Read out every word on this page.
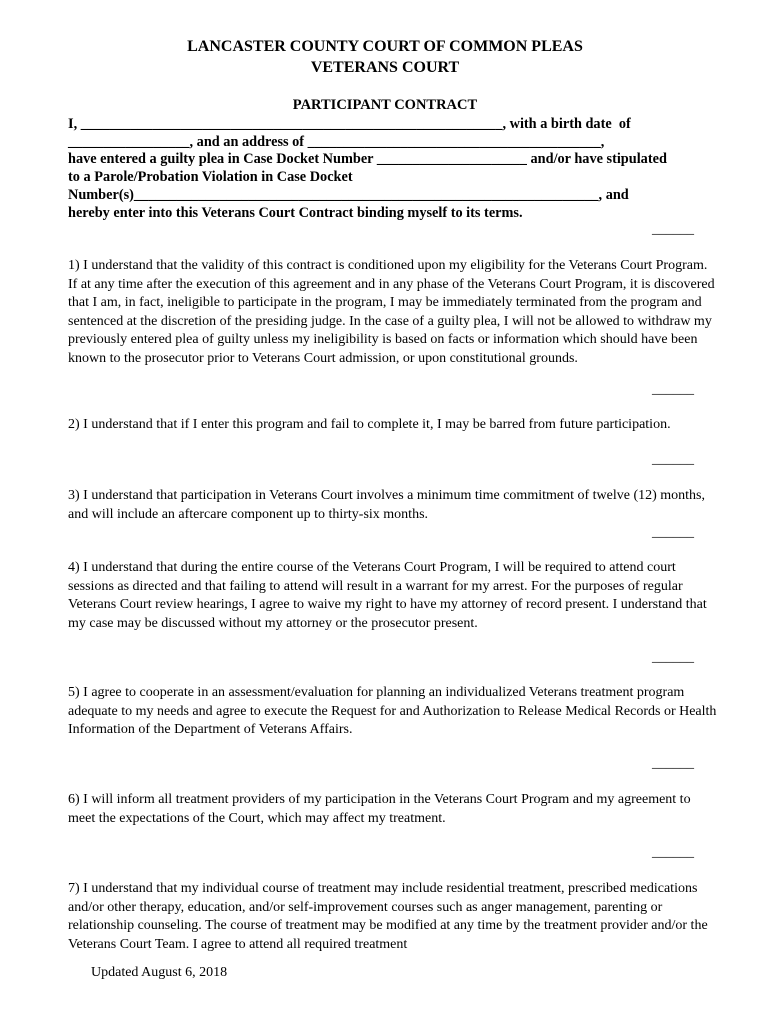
LANCASTER COUNTY COURT OF COMMON PLEAS
VETERANS COURT
PARTICIPANT CONTRACT
I, ___________________________________________________________, with a birth date  of
_________________, and an address of _________________________________________,
have entered a guilty plea in Case Docket Number _____________________ and/or have stipulated
to a Parole/Probation Violation in Case Docket
Number(s)_________________________________________________________________, and
hereby enter into this Veterans Court Contract binding myself to its terms.
______
1) I understand that the validity of this contract is conditioned upon my eligibility for the Veterans Court Program. If at any time after the execution of this agreement and in any phase of the Veterans Court Program, it is discovered that I am, in fact, ineligible to participate in the program, I may be immediately terminated from the program and sentenced at the discretion of the presiding judge. In the case of a guilty plea, I will not be allowed to withdraw my previously entered plea of guilty unless my ineligibility is based on facts or information which should have been known to the prosecutor prior to Veterans Court admission, or upon constitutional grounds.
______
2) I understand that if I enter this program and fail to complete it, I may be barred from future participation.
______
3) I understand that participation in Veterans Court involves a minimum time commitment of twelve (12) months, and will include an aftercare component up to thirty-six months.
______
4) I understand that during the entire course of the Veterans Court Program, I will be required to attend court sessions as directed and that failing to attend will result in a warrant for my arrest. For the purposes of regular Veterans Court review hearings, I agree to waive my right to have my attorney of record present. I understand that my case may be discussed without my attorney or the prosecutor present.
______
5) I agree to cooperate in an assessment/evaluation for planning an individualized Veterans treatment program adequate to my needs and agree to execute the Request for and Authorization to Release Medical Records or Health Information of the Department of Veterans Affairs.
______
6) I will inform all treatment providers of my participation in the Veterans Court Program and my agreement to meet the expectations of the Court, which may affect my treatment.
______
7) I understand that my individual course of treatment may include residential treatment, prescribed medications and/or other therapy, education, and/or self-improvement courses such as anger management, parenting or relationship counseling. The course of treatment may be modified at any time by the treatment provider and/or the Veterans Court Team. I agree to attend all required treatment
Updated August 6, 2018
